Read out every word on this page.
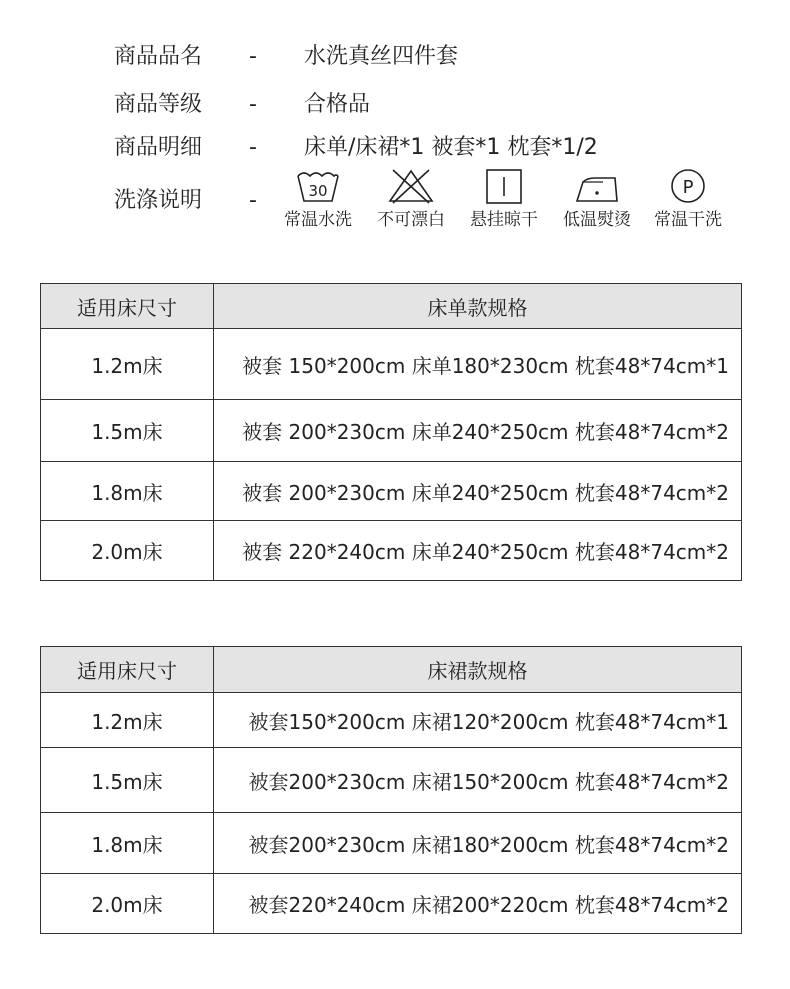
商品品名 - 水洗真丝四件套
商品等级 - 合格品
商品明细 - 床单/床裙*1 被套*1 枕套*1/2
洗涤说明 -	30
常温水洗	不可漂白	悬挂晾干	低温熨烫
P
常温干洗
适用床尺寸	床单款规格
1.2m床	被套 150*200cm 床单180*230cm 枕套48*74cm*1
1.5m床	被套 200*230cm 床单240*250cm 枕套48*74cm*2
1.8m床	被套 200*230cm 床单240*250cm 枕套48*74cm*2
2.0m床	被套 220*240cm 床单240*250cm 枕套48*74cm*2
适用床尺寸	床裙款规格
1.2m床	被套150*200cm 床裙120*200cm 枕套48*74cm*1
1.5m床	被套200*230cm 床裙150*200cm 枕套48*74cm*2
1.8m床	被套200*230cm 床裙180*200cm 枕套48*74cm*2
2.0m床	被套220*240cm 床裙200*220cm 枕套48*74cm*2
